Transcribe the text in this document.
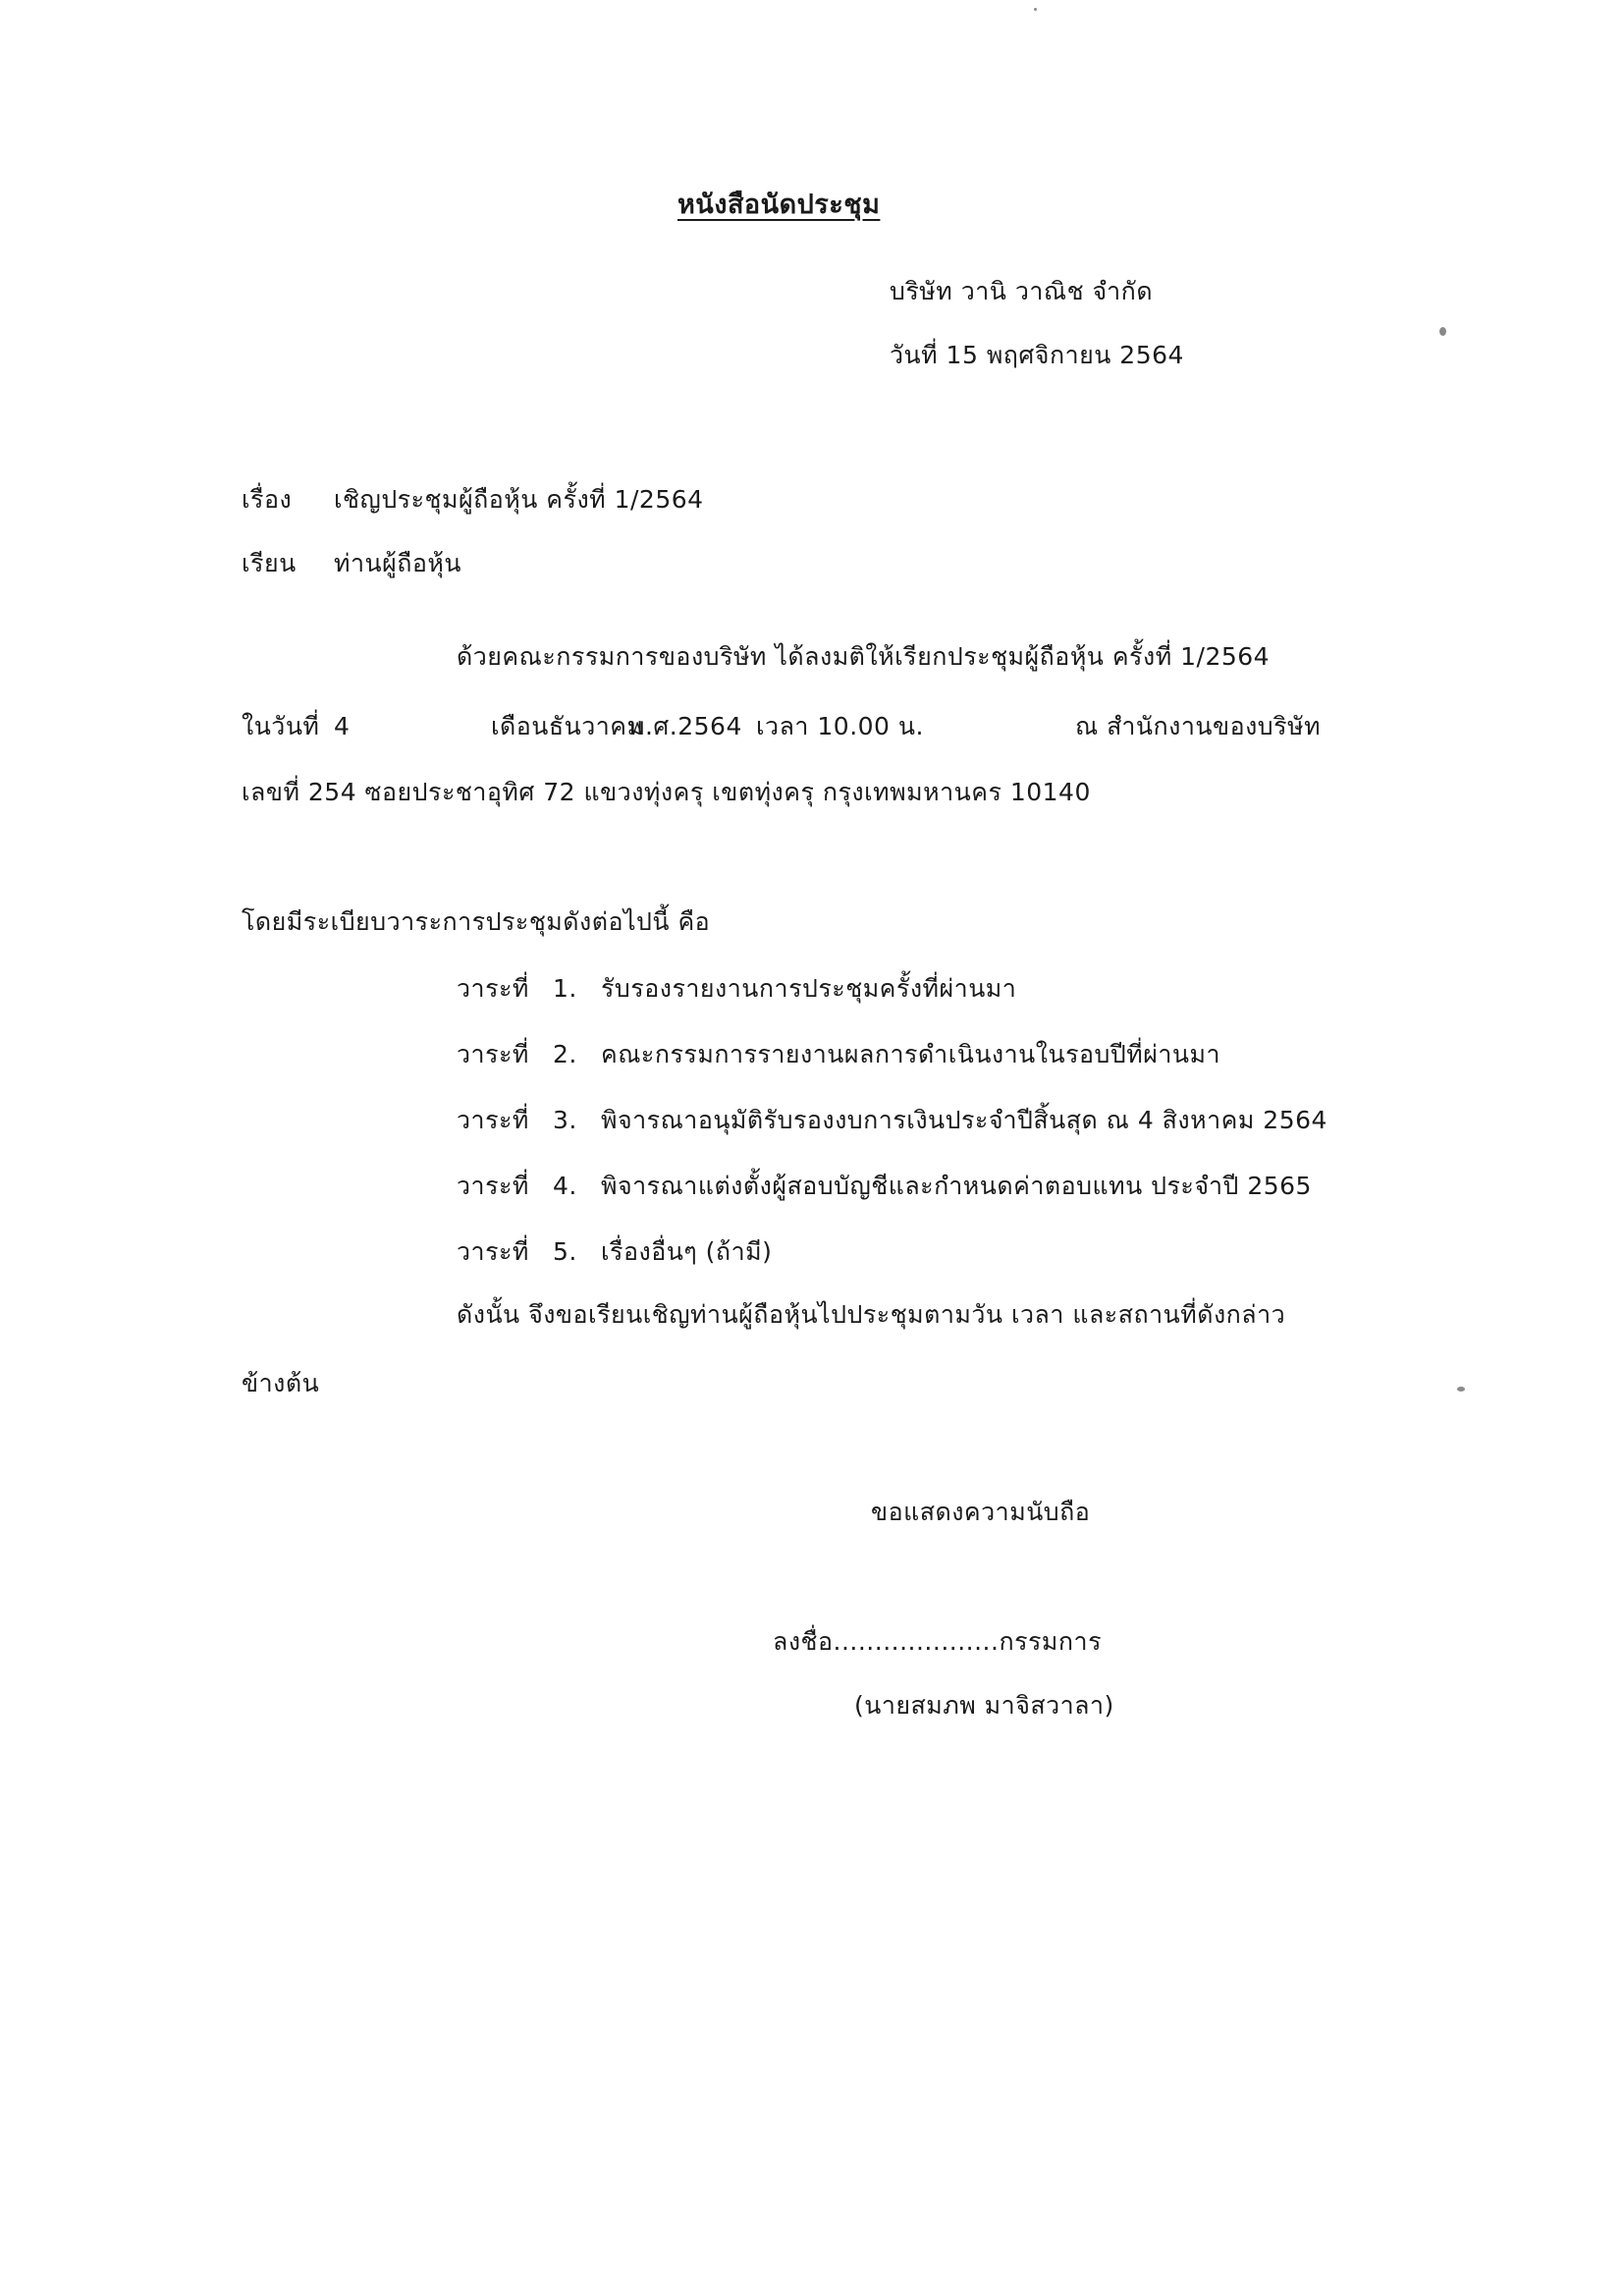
หนังสือนัดประชุม
บริษัท วานิ วาณิช จำกัด
วันที่ 15 พฤศจิกายน 2564
เรื่อง เชิญประชุมผู้ถือหุ้น ครั้งที่ 1/2564
เรียน ท่านผู้ถือหุ้น
ด้วยคณะกรรมการของบริษัท ได้ลงมติให้เรียกประชุมผู้ถือหุ้น ครั้งที่ 1/2564
ในวันที่ 4	เดือนธันวาคม
พ.ศ.2564 เวลา 10.00 น.	ณ สำนักงานของบริษัท
เลขที่ 254 ซอยประชาอุทิศ 72 แขวงทุ่งครุ เขตทุ่งครุ กรุงเทพมหานคร 10140
โดยมีระเบียบวาระการประชุมดังต่อไปนี้ คือ
วาระที่ 1. รับรองรายงานการประชุมครั้งที่ผ่านมา
วาระที่ 2. คณะกรรมการรายงานผลการดำเนินงานในรอบปีที่ผ่านมา
วาระที่ 3. พิจารณาอนุมัติรับรองงบการเงินประจำปีสิ้นสุด ณ 4 สิงหาคม 2564
วาระที่ 4. พิจารณาแต่งตั้งผู้สอบบัญชีและกำหนดค่าตอบแทน ประจำปี 2565
วาระที่ 5. เรื่องอื่นๆ (ถ้ามี)
ดังนั้น จึงขอเรียนเชิญท่านผู้ถือหุ้นไปประชุมตามวัน เวลา และสถานที่ดังกล่าว
ข้างต้น
ขอแสดงความนับถือ
ลงชื่อ....................กรรมการ
(นายสมภพ มาจิสวาลา)
